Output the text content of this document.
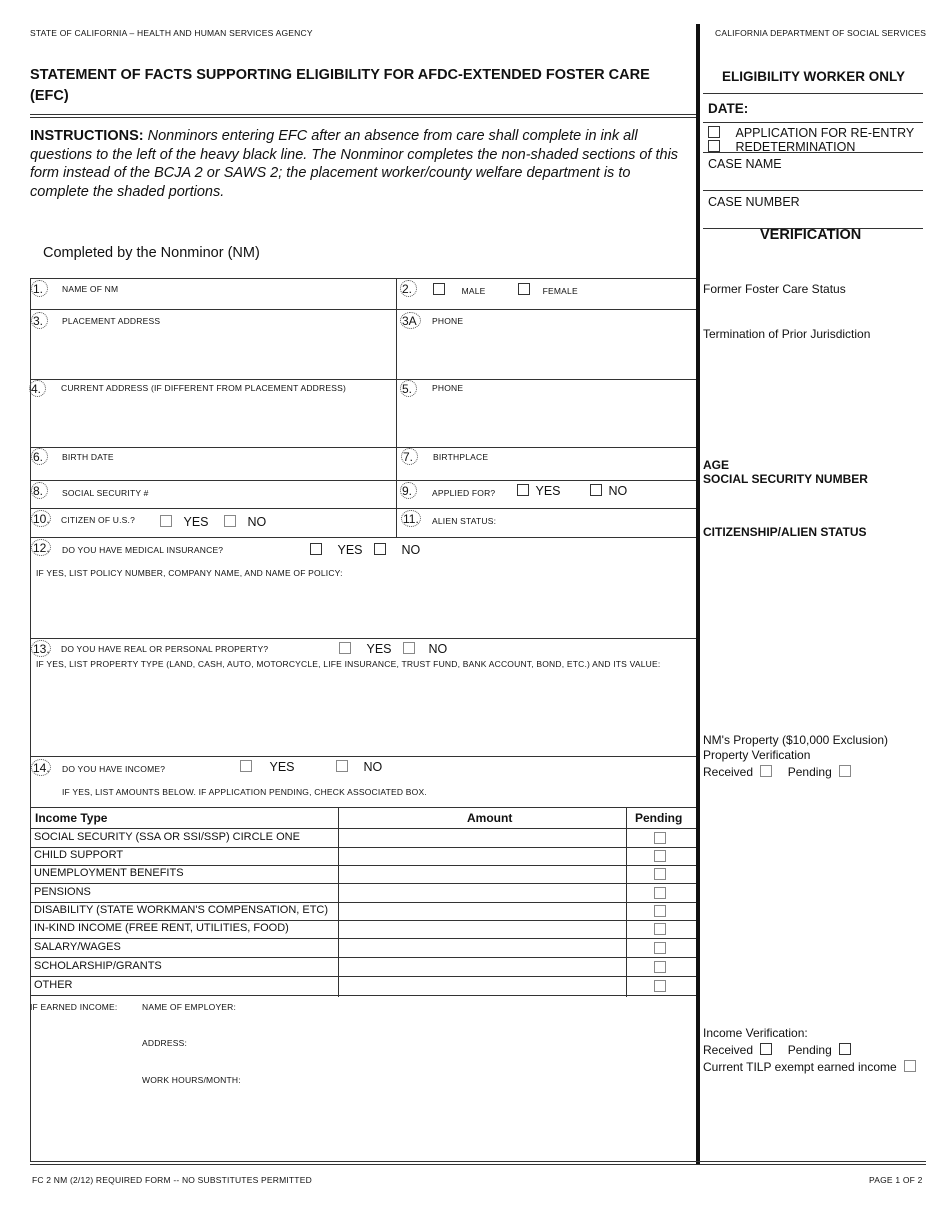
STATE OF CALIFORNIA – HEALTH AND HUMAN SERVICES AGENCY	CALIFORNIA DEPARTMENT OF SOCIAL SERVICES
STATEMENT OF FACTS SUPPORTING ELIGIBILITY FOR AFDC-EXTENDED FOSTER CARE (EFC)
INSTRUCTIONS: Nonminors entering EFC after an absence from care shall complete in ink all questions to the left of the heavy black line. The Nonminor completes the non-shaded sections of this form instead of the BCJA 2 or SAWS 2; the placement worker/county welfare department is to complete the shaded portions.
Completed by the Nonminor (NM)
ELIGIBILITY WORKER ONLY
DATE:
APPLICATION FOR RE-ENTRY
REDETERMINATION
CASE NAME
CASE NUMBER
VERIFICATION
Former Foster Care Status
Termination of Prior Jurisdiction
AGE
SOCIAL SECURITY NUMBER
CITIZENSHIP/ALIEN STATUS
NM's Property ($10,000 Exclusion)
Property Verification
Received	Pending
Income Verification:
Received	Pending
Current TILP exempt earned income
1.	NAME OF NM	2.	MALE	FEMALE
3.	PLACEMENT ADDRESS	3A	PHONE
4.	CURRENT ADDRESS (IF DIFFERENT FROM PLACEMENT ADDRESS)	5.	PHONE
6.	BIRTH DATE	7.	BIRTHPLACE
8.	SOCIAL SECURITY #	9.	APPLIED FOR?	YES	NO
10. CITIZEN OF U.S.?	YES	NO	11. ALIEN STATUS:
12. DO YOU HAVE MEDICAL INSURANCE?	YES	NO
IF YES, LIST POLICY NUMBER, COMPANY NAME, AND NAME OF POLICY:
13. DO YOU HAVE REAL OR PERSONAL PROPERTY?	YES	NO
IF YES, LIST PROPERTY TYPE (LAND, CASH, AUTO, MOTORCYCLE, LIFE INSURANCE, TRUST FUND, BANK ACCOUNT, BOND, ETC.) AND ITS VALUE:
14. DO YOU HAVE INCOME?	YES	NO
IF YES, LIST AMOUNTS BELOW. IF APPLICATION PENDING, CHECK ASSOCIATED BOX.
Income Type	Amount	Pending
SOCIAL SECURITY (SSA OR SSI/SSP) CIRCLE ONE
CHILD SUPPORT
UNEMPLOYMENT BENEFITS
PENSIONS
DISABILITY (STATE WORKMAN'S COMPENSATION, ETC)
IN-KIND INCOME (FREE RENT, UTILITIES, FOOD)
SALARY/WAGES
SCHOLARSHIP/GRANTS
OTHER
IF EARNED INCOME:	NAME OF EMPLOYER:
ADDRESS:
WORK HOURS/MONTH:
FC 2 NM (2/12) REQUIRED FORM -- NO SUBSTITUTES PERMITTED	PAGE 1 OF 2
